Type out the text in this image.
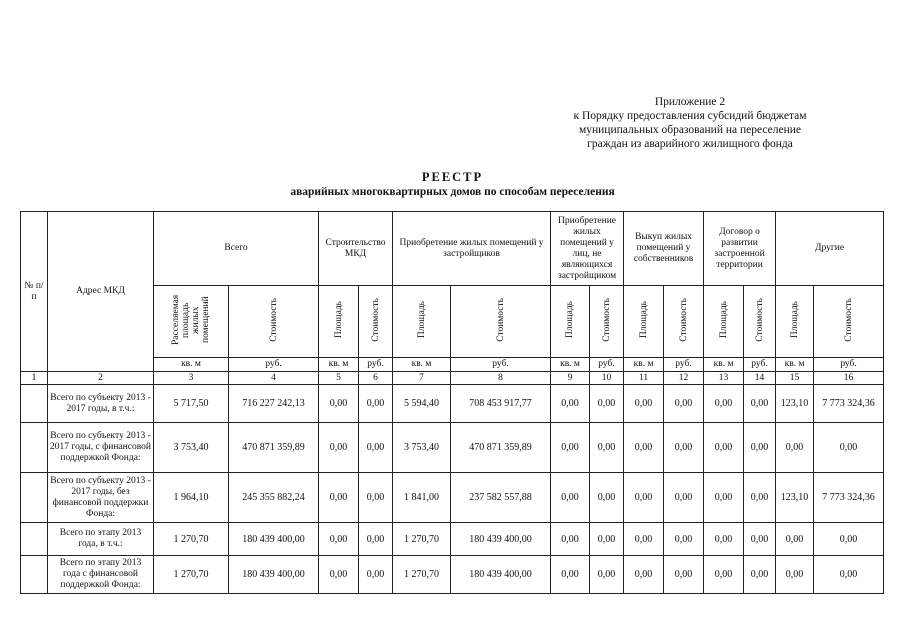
Приложение 2
к Порядку предоставления субсидий бюджетам
муниципальных образований на переселение
граждан из аварийного жилищного фонда
РЕЕСТР
аварийных многоквартирных домов по способам переселения
№ п/п	Адрес МКД	Всего		Строительство МКД		Приобретение жилых помещений у застройщиков		Приобретение жилых помещений у лиц, не являющихся застройщиком		Выкуп жилых помещений у собственников		Договор о развитии застроенной территории		Другие	
		Расселяемая площадь жилых помещений	Стоимость	Площадь	Стоимость	Площадь	Стоимость	Площадь	Стоимость	Площадь	Стоимость	Площадь	Стоимость	Площадь	Стоимость
		кв. м	руб.	кв. м	руб.	кв. м	руб.	кв. м	руб.	кв. м	руб.	кв. м	руб.	кв. м	руб.
1	2	3	4	5	6	7	8	9	10	11	12	13	14	15	16
	Всего по субъекту 2013 - 2017 годы, в т.ч.:	5 717,50	716 227 242,13	0,00	0,00	5 594,40	708 453 917,77	0,00	0,00	0,00	0,00	0,00	0,00	123,10	7 773 324,36
	Всего по субъекту 2013 - 2017 годы, с финансовой поддержкой Фонда:	3 753,40	470 871 359,89	0,00	0,00	3 753,40	470 871 359,89	0,00	0,00	0,00	0,00	0,00	0,00	0,00	0,00
	Всего по субъекту 2013 - 2017 годы, без финансовой поддержки Фонда:	1 964,10	245 355 882,24	0,00	0,00	1 841,00	237 582 557,88	0,00	0,00	0,00	0,00	0,00	0,00	123,10	7 773 324,36
	Всего по этапу 2013 года, в т.ч.:	1 270,70	180 439 400,00	0,00	0,00	1 270,70	180 439 400,00	0,00	0,00	0,00	0,00	0,00	0,00	0,00	0,00
	Всего по этапу 2013 года с финансовой поддержкой Фонда:	1 270,70	180 439 400,00	0,00	0,00	1 270,70	180 439 400,00	0,00	0,00	0,00	0,00	0,00	0,00	0,00	0,00
